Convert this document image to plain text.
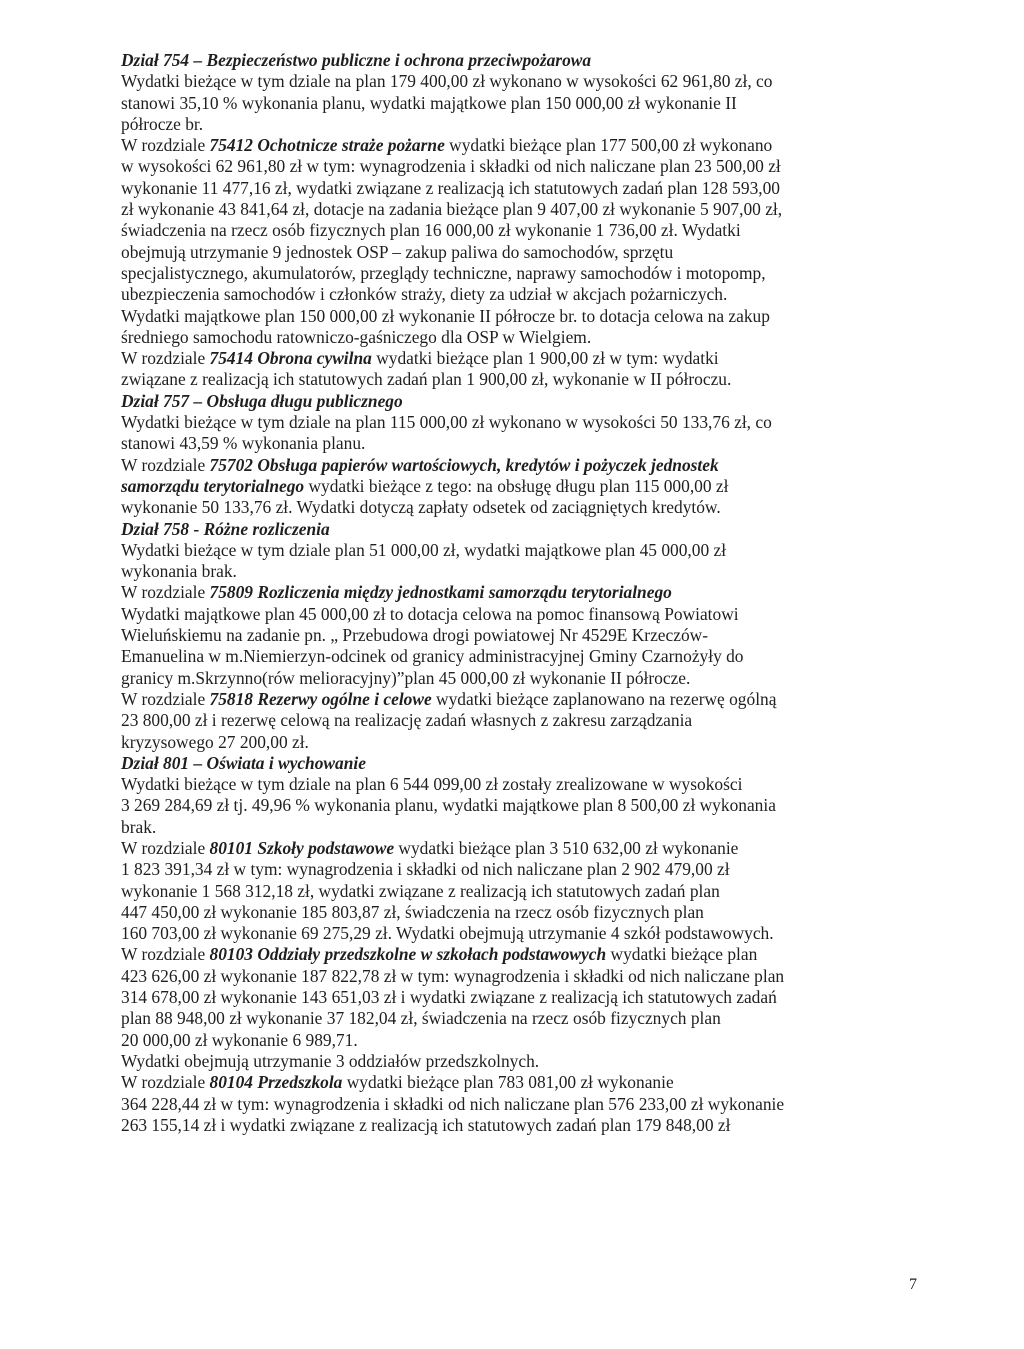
Dział 754 – Bezpieczeństwo publiczne i ochrona przeciwpożarowa
Wydatki bieżące w tym dziale na plan 179 400,00 zł wykonano w wysokości 62 961,80 zł, co
stanowi 35,10 % wykonania planu, wydatki majątkowe plan 150 000,00 zł wykonanie II
półrocze br.
W rozdziale 75412 Ochotnicze straże pożarne wydatki bieżące plan 177 500,00 zł wykonano
w wysokości 62 961,80 zł w tym: wynagrodzenia i składki od nich naliczane plan 23 500,00 zł
wykonanie 11 477,16 zł, wydatki związane z realizacją ich statutowych zadań plan 128 593,00
zł wykonanie 43 841,64 zł, dotacje na zadania bieżące plan 9 407,00 zł wykonanie 5 907,00 zł,
świadczenia na rzecz osób fizycznych plan 16 000,00 zł wykonanie 1 736,00 zł. Wydatki
obejmują utrzymanie 9 jednostek OSP – zakup paliwa do samochodów, sprzętu
specjalistycznego, akumulatorów, przeglądy techniczne, naprawy samochodów i motopomp,
ubezpieczenia samochodów i członków straży, diety za udział w akcjach pożarniczych.
Wydatki majątkowe plan 150 000,00 zł wykonanie II półrocze br. to dotacja celowa na zakup
średniego samochodu ratowniczo-gaśniczego dla OSP w Wielgiem.
W rozdziale 75414 Obrona cywilna wydatki bieżące plan 1 900,00 zł w tym: wydatki
związane z realizacją ich statutowych zadań plan 1 900,00 zł, wykonanie w II półroczu.
Dział 757 – Obsługa długu publicznego
Wydatki bieżące w tym dziale na plan 115 000,00 zł wykonano w wysokości 50 133,76 zł, co
stanowi 43,59 % wykonania planu.
W rozdziale 75702 Obsługa papierów wartościowych, kredytów i pożyczek jednostek
samorządu terytorialnego wydatki bieżące z tego: na obsługę długu plan 115 000,00 zł
wykonanie 50 133,76 zł. Wydatki dotyczą zapłaty odsetek od zaciągniętych kredytów.
Dział 758 - Różne rozliczenia
Wydatki bieżące w tym dziale plan 51 000,00 zł, wydatki majątkowe plan 45 000,00 zł
wykonania brak.
W rozdziale 75809 Rozliczenia między jednostkami samorządu terytorialnego
Wydatki majątkowe plan 45 000,00 zł to dotacja celowa na pomoc finansową Powiatowi
Wieluńskiemu na zadanie pn. „ Przebudowa drogi powiatowej Nr 4529E Krzeczów-
Emanuelina w m.Niemierzyn-odcinek od granicy administracyjnej Gminy Czarnożyły do
granicy m.Skrzynno(rów melioracyjny)”plan 45 000,00 zł wykonanie II półrocze.
W rozdziale 75818 Rezerwy ogólne i celowe wydatki bieżące zaplanowano na rezerwę ogólną
23 800,00 zł i rezerwę celową na realizację zadań własnych z zakresu zarządzania
kryzysowego 27 200,00 zł.
Dział 801 – Oświata i wychowanie
Wydatki bieżące w tym dziale na plan 6 544 099,00 zł zostały zrealizowane w wysokości
3 269 284,69 zł tj. 49,96 % wykonania planu, wydatki majątkowe plan 8 500,00 zł wykonania
brak.
W rozdziale 80101 Szkoły podstawowe wydatki bieżące plan 3 510 632,00 zł wykonanie
1 823 391,34 zł w tym: wynagrodzenia i składki od nich naliczane plan 2 902 479,00 zł
wykonanie 1 568 312,18 zł, wydatki związane z realizacją ich statutowych zadań plan
447 450,00 zł wykonanie 185 803,87 zł, świadczenia na rzecz osób fizycznych plan
160 703,00 zł wykonanie 69 275,29 zł. Wydatki obejmują utrzymanie 4 szkół podstawowych.
W rozdziale 80103 Oddziały przedszkolne w szkołach podstawowych wydatki bieżące plan
423 626,00 zł wykonanie 187 822,78 zł w tym: wynagrodzenia i składki od nich naliczane plan
314 678,00 zł wykonanie 143 651,03 zł i wydatki związane z realizacją ich statutowych zadań
plan 88 948,00 zł wykonanie 37 182,04 zł, świadczenia na rzecz osób fizycznych plan
20 000,00 zł wykonanie 6 989,71.
Wydatki obejmują utrzymanie 3 oddziałów przedszkolnych.
W rozdziale 80104 Przedszkola wydatki bieżące plan 783 081,00 zł wykonanie
364 228,44 zł w tym: wynagrodzenia i składki od nich naliczane plan 576 233,00 zł wykonanie
263 155,14 zł i wydatki związane z realizacją ich statutowych zadań plan 179 848,00 zł
7
